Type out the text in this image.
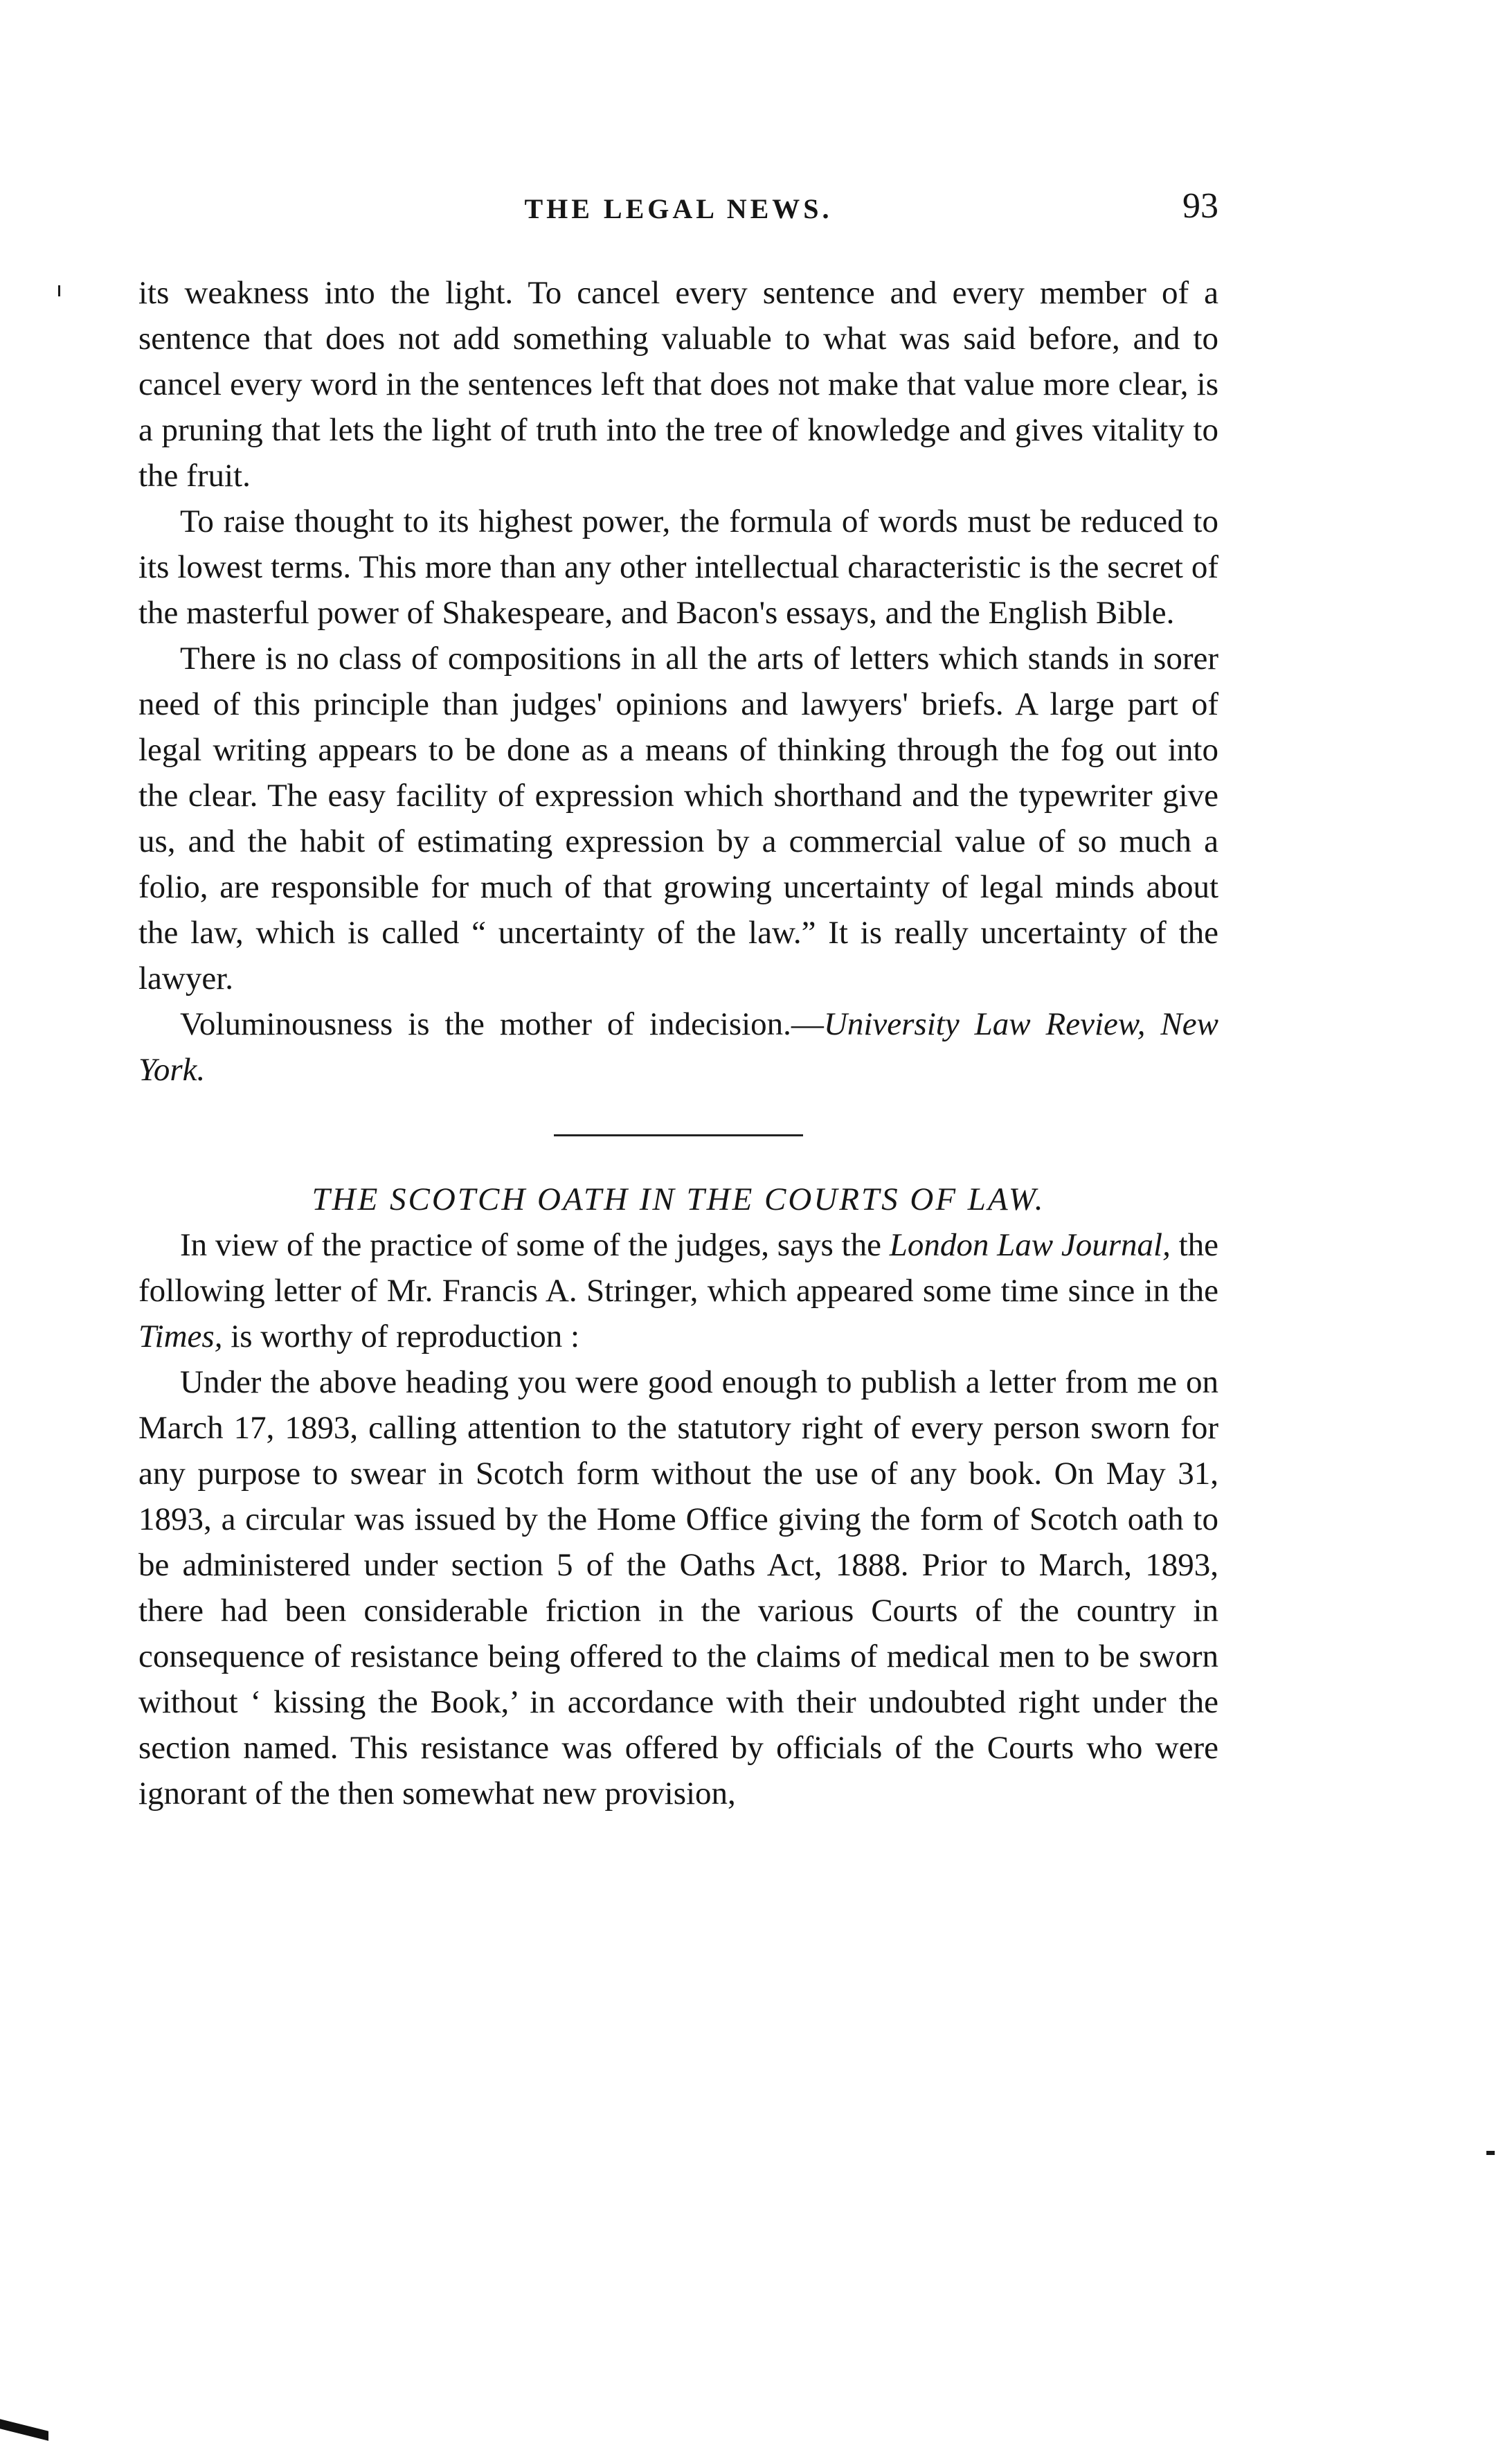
THE LEGAL NEWS.	93

its weakness into the light. To cancel every sentence and every member of a sentence that does not add something valuable to what was said before, and to cancel every word in the sentences left that does not make that value more clear, is a pruning that lets the light of truth into the tree of knowledge and gives vitality to the fruit.

To raise thought to its highest power, the formula of words must be reduced to its lowest terms. This more than any other intellectual characteristic is the secret of the masterful power of Shakespeare, and Bacon's essays, and the English Bible.

There is no class of compositions in all the arts of letters which stands in sorer need of this principle than judges' opinions and lawyers' briefs. A large part of legal writing appears to be done as a means of thinking through the fog out into the clear. The easy facility of expression which shorthand and the typewriter give us, and the habit of estimating expression by a commercial value of so much a folio, are responsible for much of that growing uncertainty of legal minds about the law, which is called “ uncertainty of the law.” It is really uncertainty of the lawyer.

Voluminousness is the mother of indecision.—University Law Review, New York.

THE SCOTCH OATH IN THE COURTS OF LAW.

In view of the practice of some of the judges, says the London Law Journal, the following letter of Mr. Francis A. Stringer, which appeared some time since in the Times, is worthy of reproduction :

Under the above heading you were good enough to publish a letter from me on March 17, 1893, calling attention to the statutory right of every person sworn for any purpose to swear in Scotch form without the use of any book. On May 31, 1893, a circular was issued by the Home Office giving the form of Scotch oath to be administered under section 5 of the Oaths Act, 1888. Prior to March, 1893, there had been considerable friction in the various Courts of the country in consequence of resistance being offered to the claims of medical men to be sworn without ‘ kissing the Book,’ in accordance with their undoubted right under the section named. This resistance was offered by officials of the Courts who were ignorant of the then somewhat new provision,
